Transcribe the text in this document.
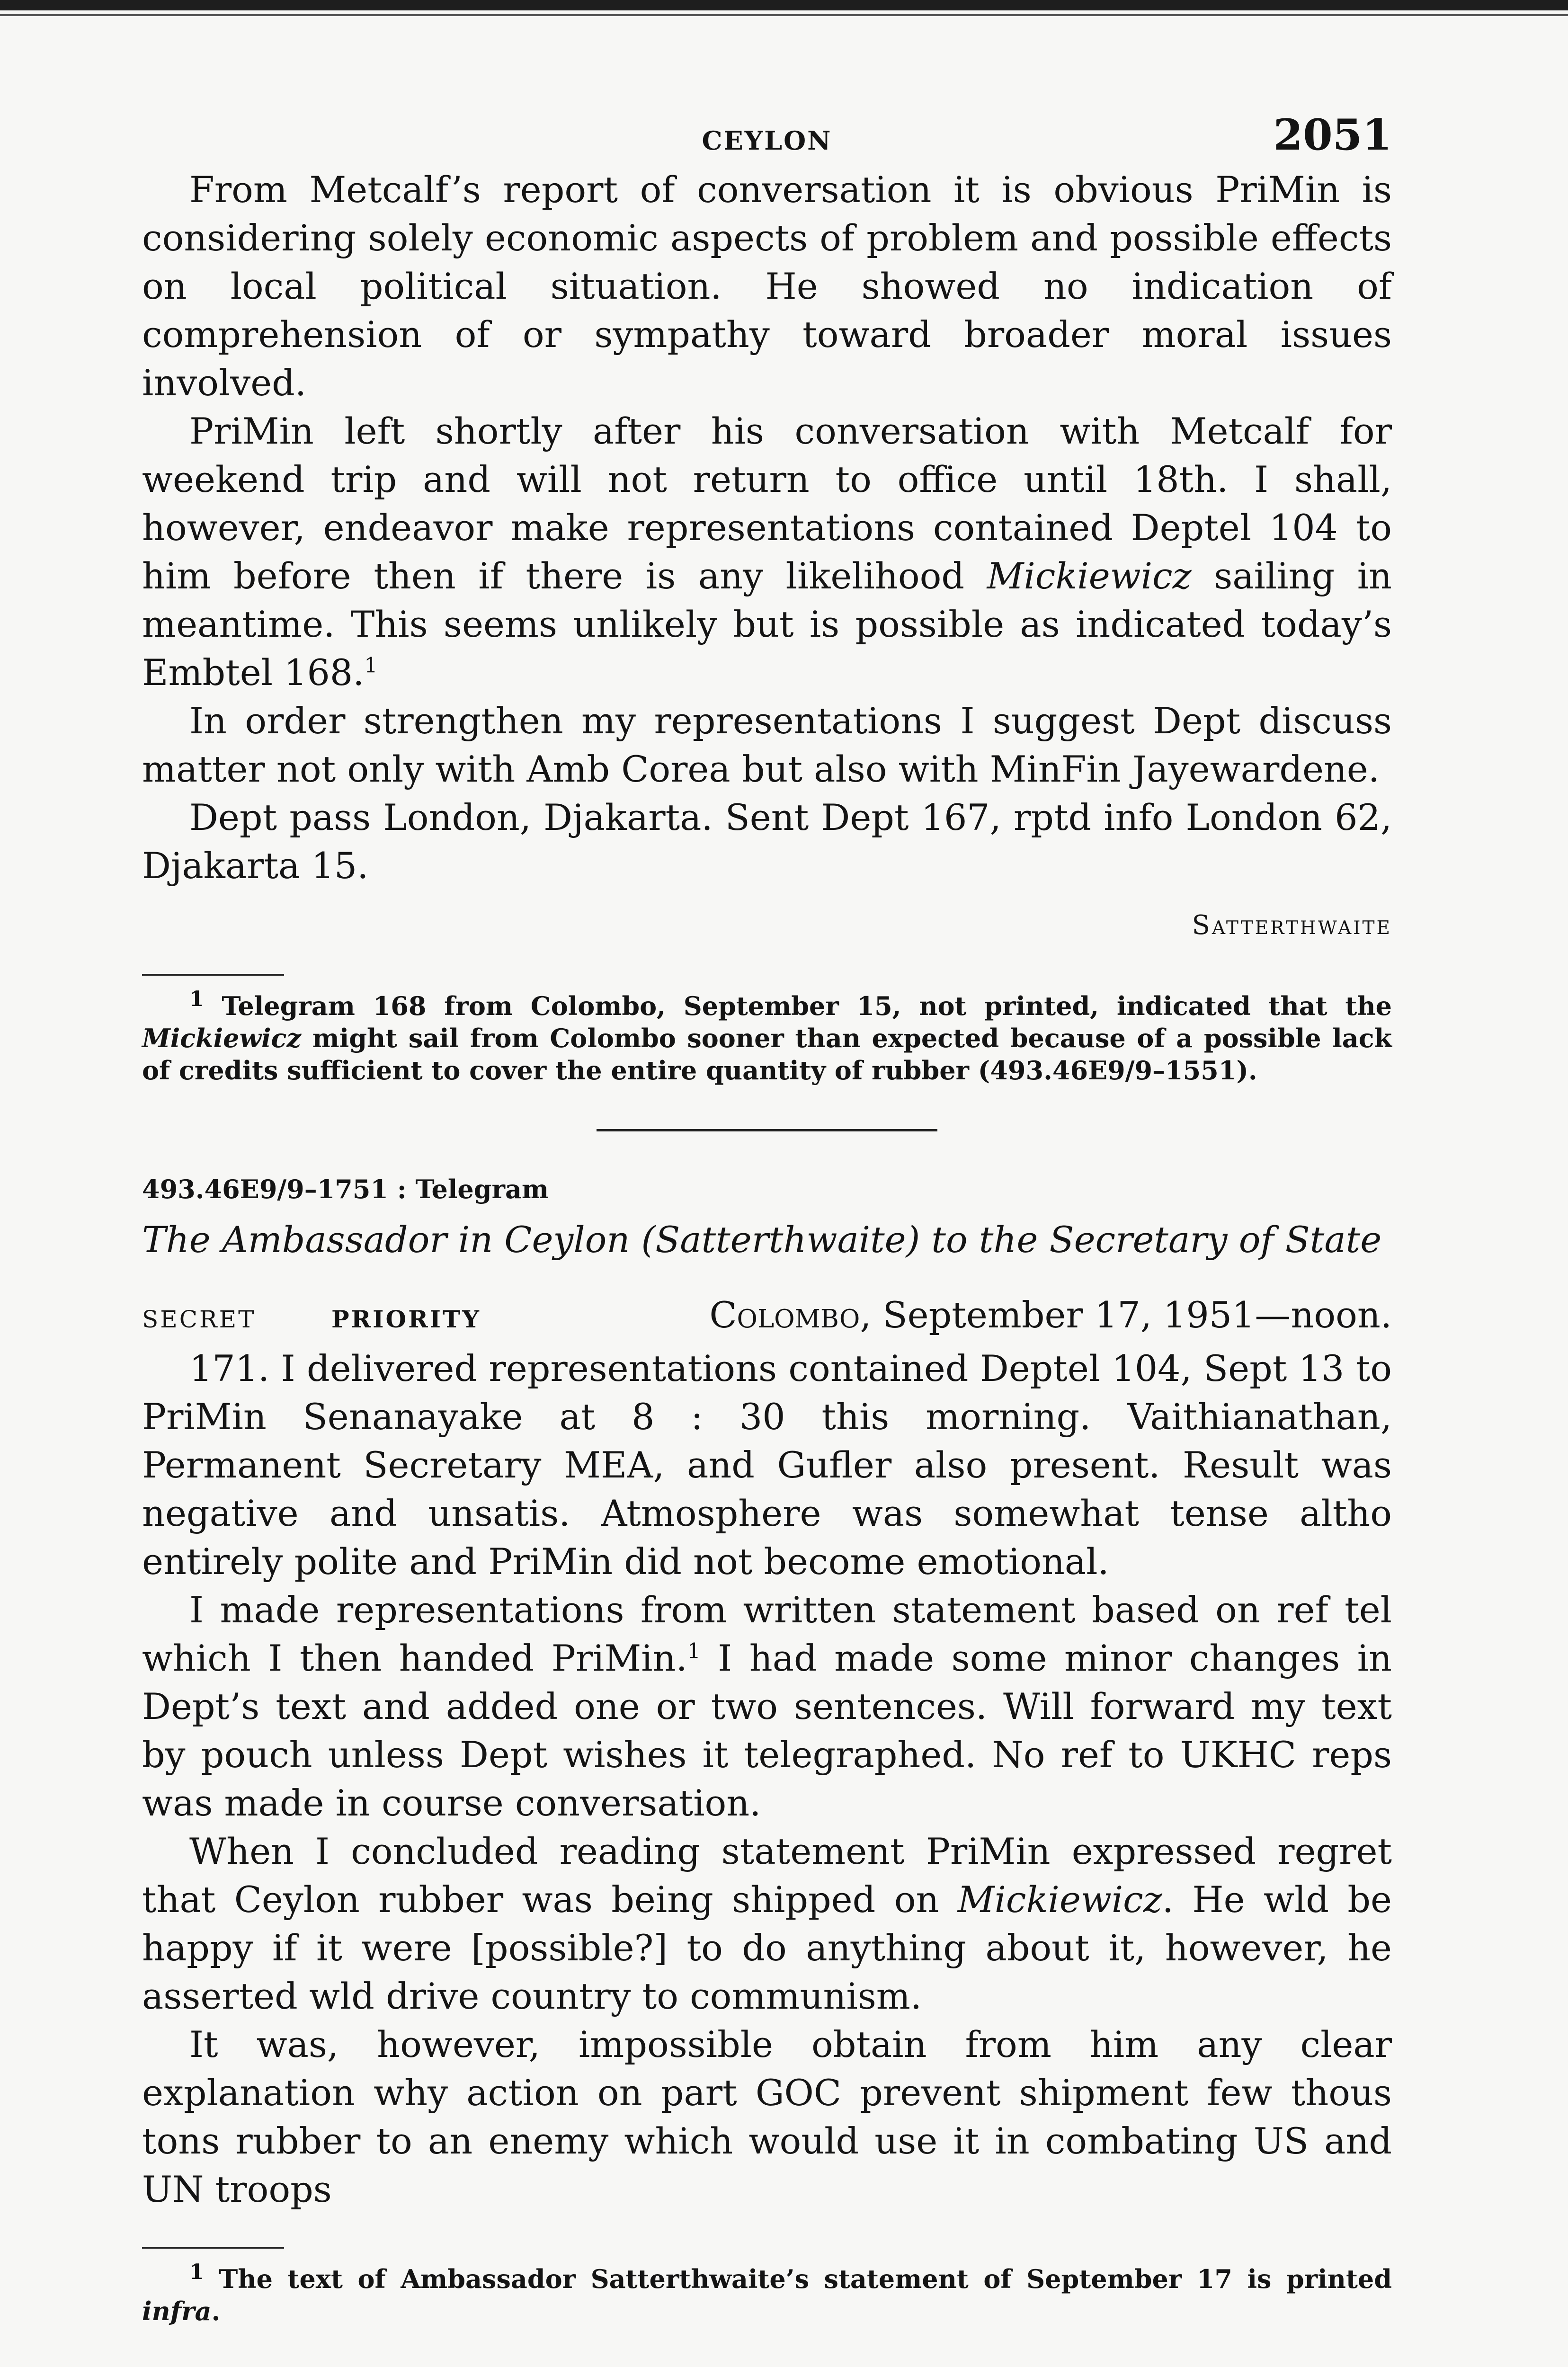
CEYLON	2051

From Metcalf’s report of conversation it is obvious PriMin is considering solely economic aspects of problem and possible effects on local political situation. He showed no indication of comprehension of or sympathy toward broader moral issues involved.

PriMin left shortly after his conversation with Metcalf for weekend trip and will not return to office until 18th. I shall, however, endeavor make representations contained Deptel 104 to him before then if there is any likelihood Mickiewicz sailing in meantime. This seems unlikely but is possible as indicated today’s Embtel 168.$^1$

In order strengthen my representations I suggest Dept discuss matter not only with Amb Corea but also with MinFin Jayewardene.

Dept pass London, Djakarta. Sent Dept 167, rptd info London 62, Djakarta 15.

Satterthwaite

$^1$ Telegram 168 from Colombo, September 15, not printed, indicated that the Mickiewicz might sail from Colombo sooner than expected because of a possible lack of credits sufficient to cover the entire quantity of rubber (493.46E9/9–1551).

493.46E9/9–1751 : Telegram
The Ambassador in Ceylon (Satterthwaite) to the Secretary of State
SECRET	PRIORITY	Colombo, September 17, 1951—noon.

171. I delivered representations contained Deptel 104, Sept 13 to PriMin Senanayake at 8 : 30 this morning. Vaithianathan, Permanent Secretary MEA, and Gufler also present. Result was negative and unsatis. Atmosphere was somewhat tense altho entirely polite and PriMin did not become emotional.

I made representations from written statement based on ref tel which I then handed PriMin.$^1$ I had made some minor changes in Dept’s text and added one or two sentences. Will forward my text by pouch unless Dept wishes it telegraphed. No ref to UKHC reps was made in course conversation.

When I concluded reading statement PriMin expressed regret that Ceylon rubber was being shipped on Mickiewicz. He wld be happy if it were [possible?] to do anything about it, however, he asserted wld drive country to communism.

It was, however, impossible obtain from him any clear explanation why action on part GOC prevent shipment few thous tons rubber to an enemy which would use it in combating US and UN troops

$^1$ The text of Ambassador Satterthwaite’s statement of September 17 is printed infra.
